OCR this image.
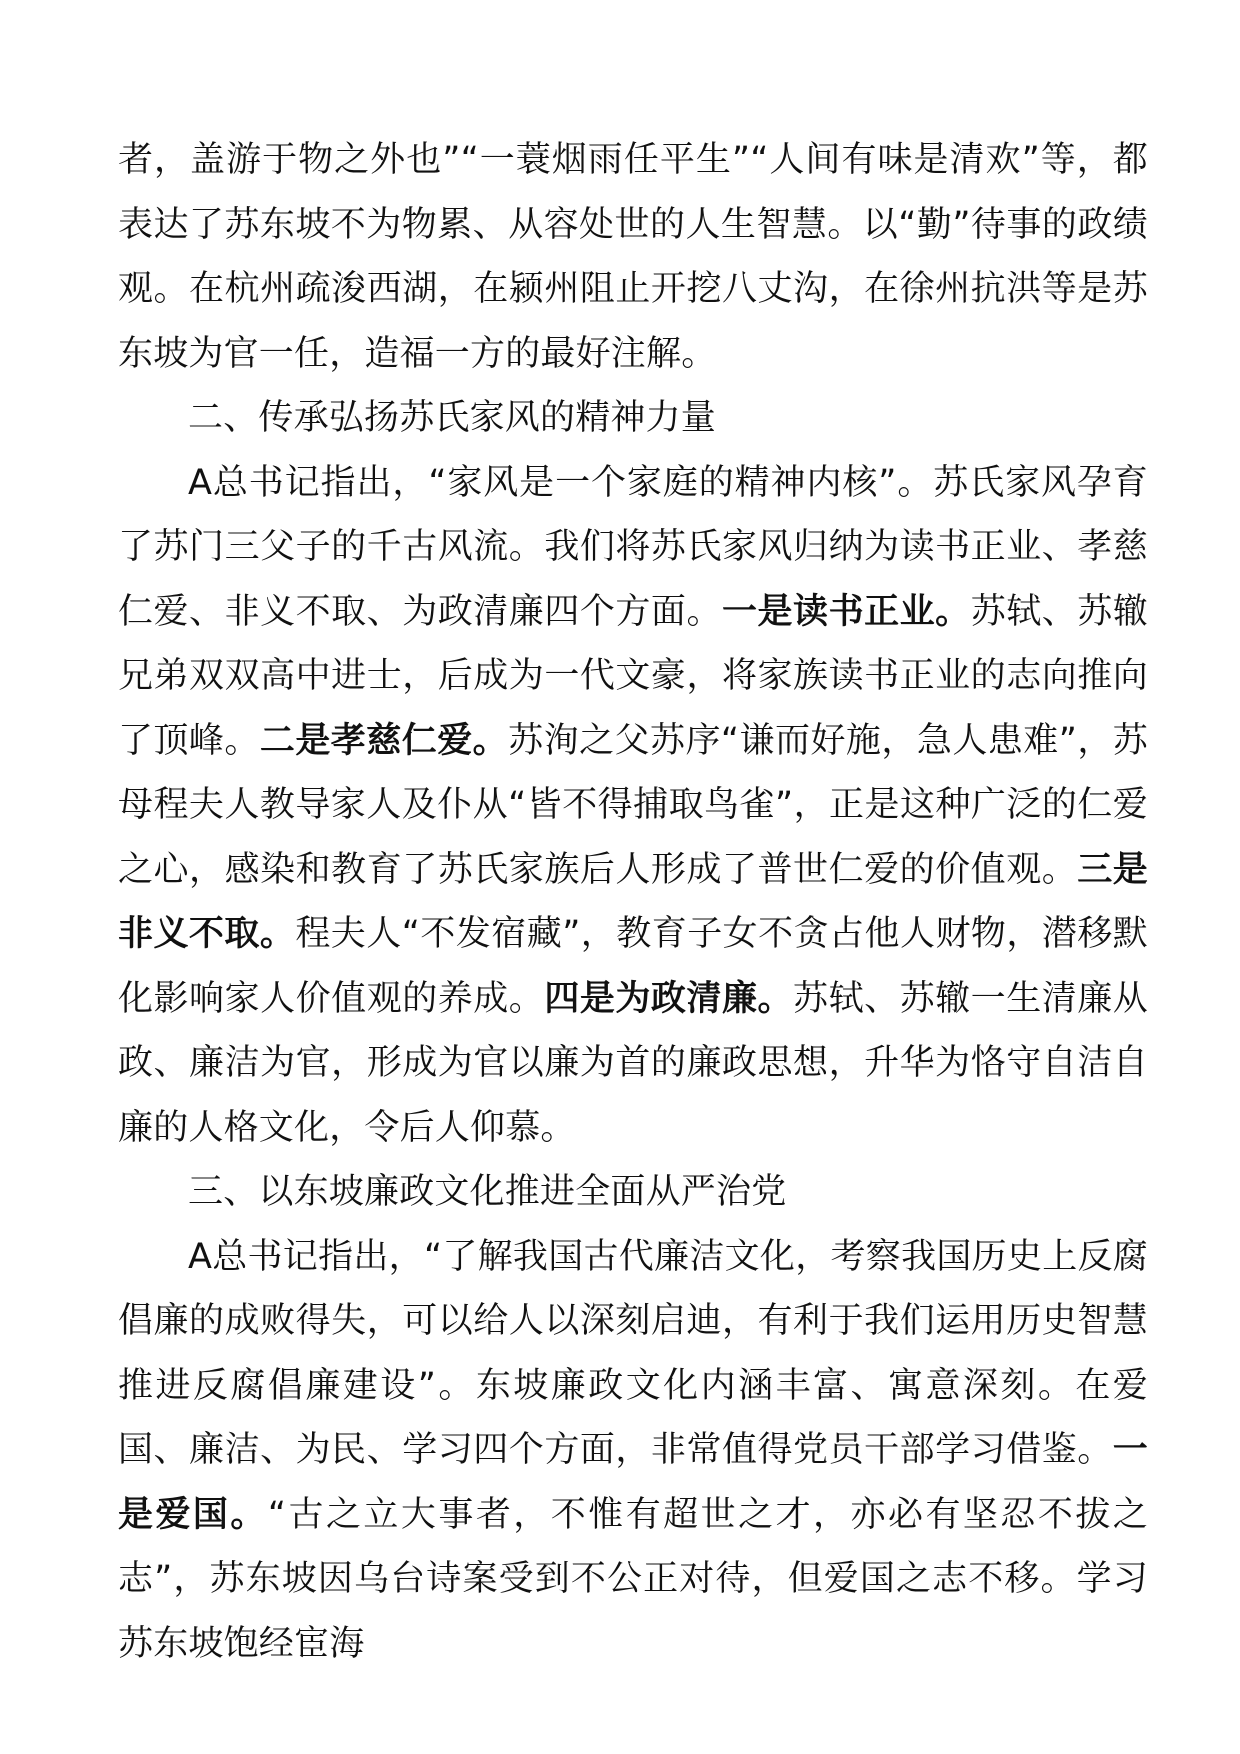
者，盖游于物之外也”“一蓑烟雨任平生”“人间有味是清欢”等，都表达了苏东坡不为物累、从容处世的人生智慧。以“勤”待事的政绩观。在杭州疏浚西湖，在颍州阻止开挖八丈沟，在徐州抗洪等是苏东坡为官一任，造福一方的最好注解。

二、传承弘扬苏氏家风的精神力量

A总书记指出，“家风是一个家庭的精神内核”。苏氏家风孕育了苏门三父子的千古风流。我们将苏氏家风归纳为读书正业、孝慈仁爱、非义不取、为政清廉四个方面。一是读书正业。苏轼、苏辙兄弟双双高中进士，后成为一代文豪，将家族读书正业的志向推向了顶峰。二是孝慈仁爱。苏洵之父苏序“谦而好施，急人患难”，苏母程夫人教导家人及仆从“皆不得捕取鸟雀”，正是这种广泛的仁爱之心，感染和教育了苏氏家族后人形成了普世仁爱的价值观。三是非义不取。程夫人“不发宿藏”，教育子女不贪占他人财物，潜移默化影响家人价值观的养成。四是为政清廉。苏轼、苏辙一生清廉从政、廉洁为官，形成为官以廉为首的廉政思想，升华为恪守自洁自廉的人格文化，令后人仰慕。

三、以东坡廉政文化推进全面从严治党

A总书记指出，“了解我国古代廉洁文化，考察我国历史上反腐倡廉的成败得失，可以给人以深刻启迪，有利于我们运用历史智慧推进反腐倡廉建设”。东坡廉政文化内涵丰富、寓意深刻。在爱国、廉洁、为民、学习四个方面，非常值得党员干部学习借鉴。一是爱国。“古之立大事者，不惟有超世之才，亦必有坚忍不拔之志”，苏东坡因乌台诗案受到不公正对待，但爱国之志不移。学习苏东坡饱经宦海
